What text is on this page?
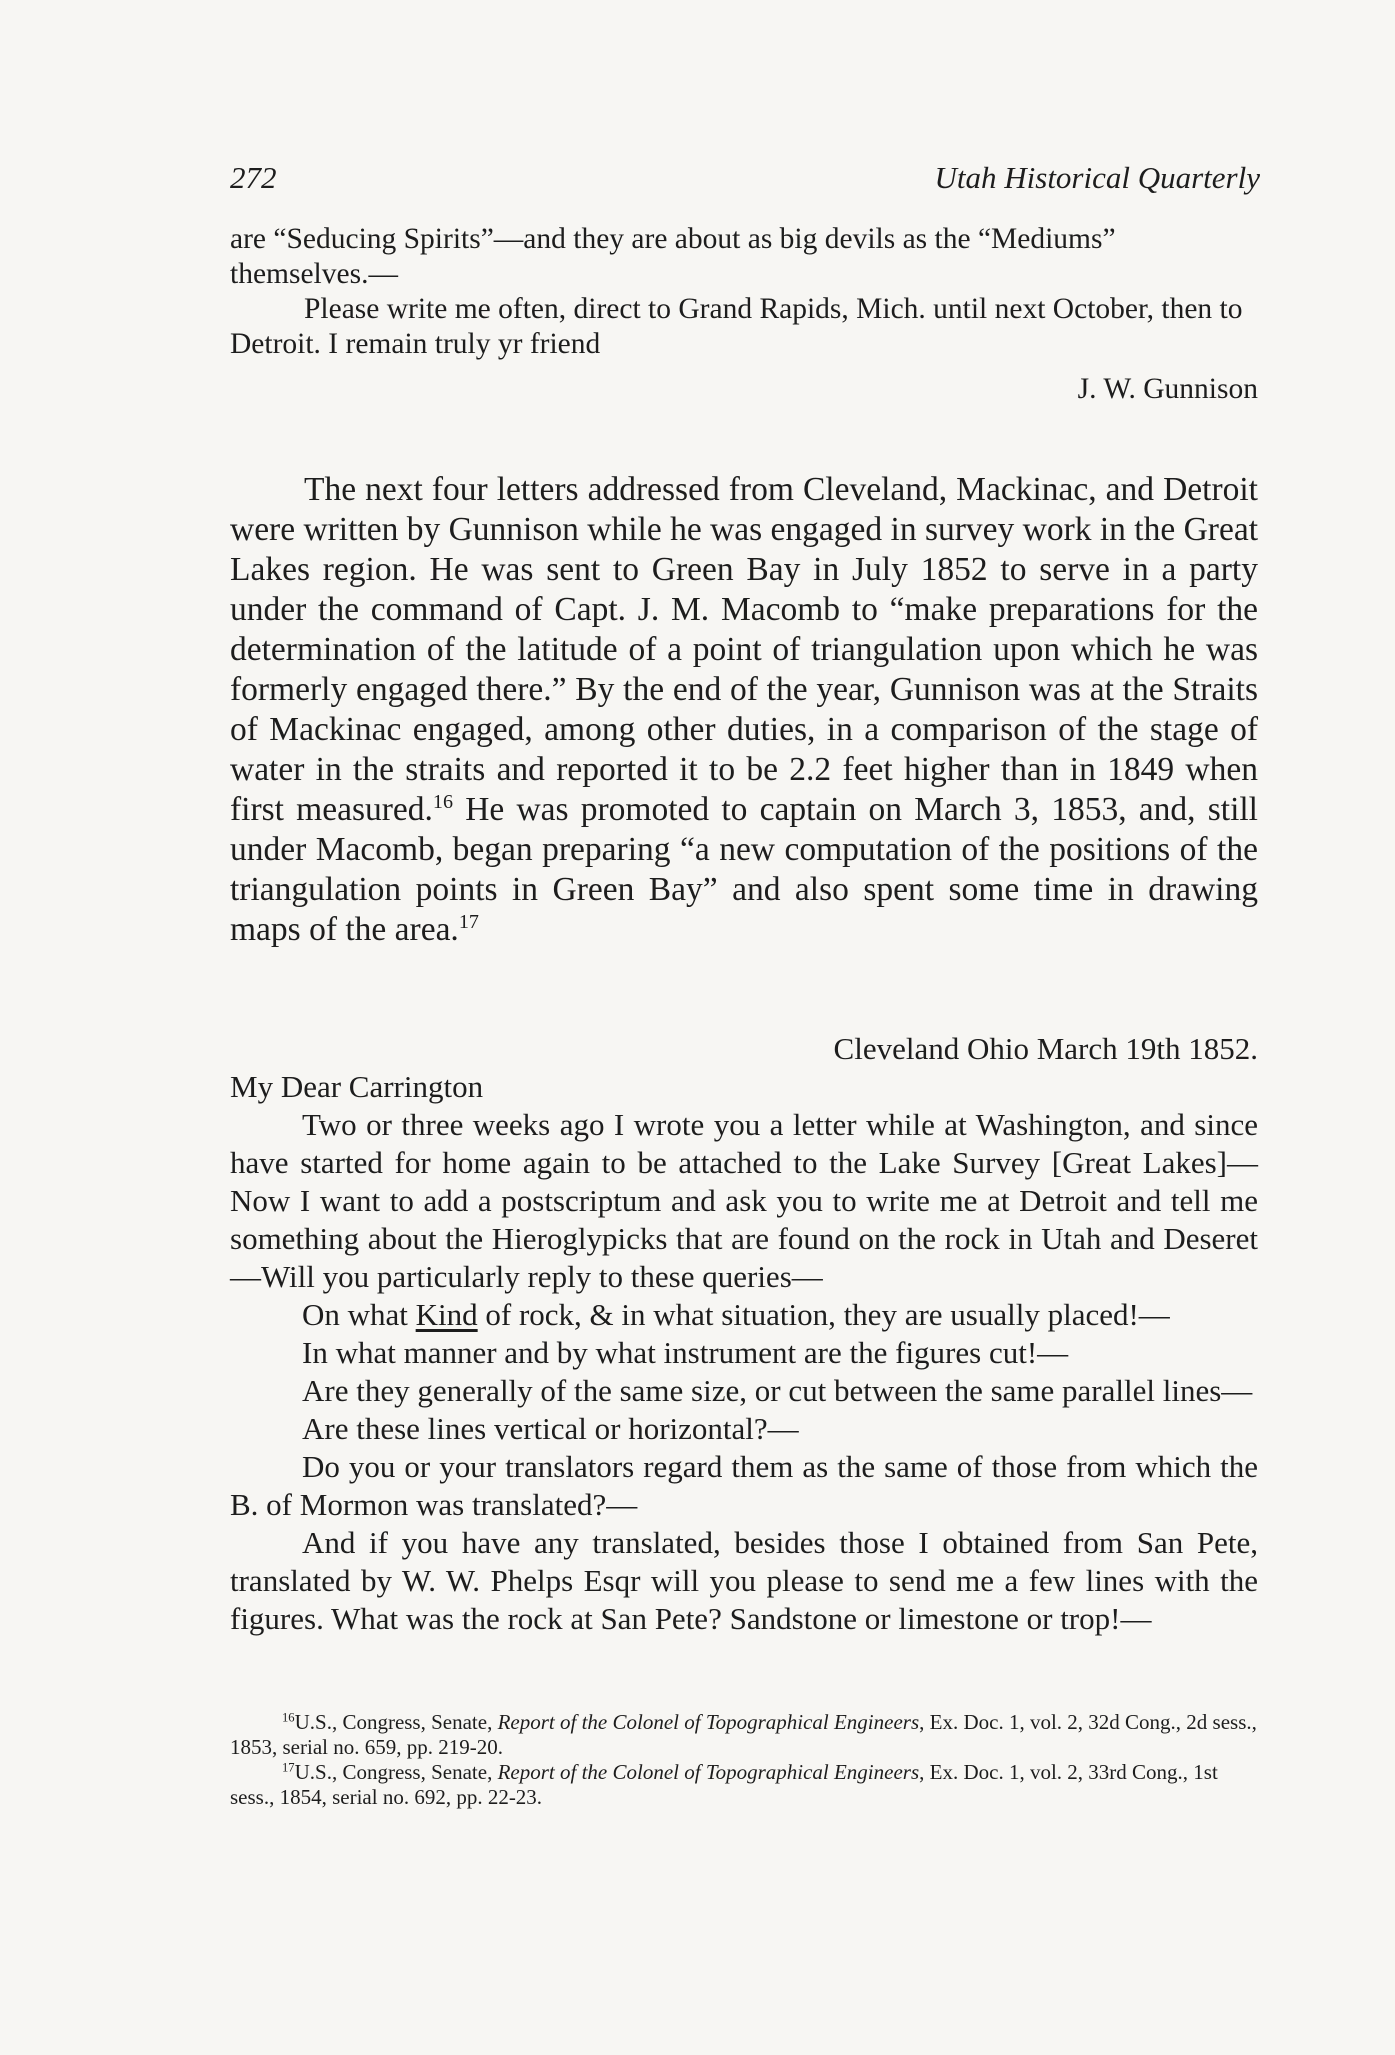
272	Utah Historical Quarterly

are “Seducing Spirits”—and they are about as big devils as the “Mediums” themselves.—

Please write me often, direct to Grand Rapids, Mich. until next October, then to Detroit. I remain truly yr friend

J. W. Gunnison

The next four letters addressed from Cleveland, Mackinac, and Detroit were written by Gunnison while he was engaged in survey work in the Great Lakes region. He was sent to Green Bay in July 1852 to serve in a party under the command of Capt. J. M. Macomb to “make preparations for the determination of the latitude of a point of triangulation upon which he was formerly engaged there.” By the end of the year, Gunnison was at the Straits of Mackinac engaged, among other duties, in a comparison of the stage of water in the straits and reported it to be 2.2 feet higher than in 1849 when first measured.$^{16}$ He was promoted to captain on March 3, 1853, and, still under Macomb, began preparing “a new computation of the positions of the triangulation points in Green Bay” and also spent some time in drawing maps of the area.$^{17}$

Cleveland Ohio March 19th 1852.

My Dear Carrington

Two or three weeks ago I wrote you a letter while at Washington, and since have started for home again to be attached to the Lake Survey [Great Lakes]—Now I want to add a postscriptum and ask you to write me at Detroit and tell me something about the Hieroglypicks that are found on the rock in Utah and Deseret—Will you particularly reply to these queries—

On what Kind of rock, & in what situation, they are usually placed!—

In what manner and by what instrument are the figures cut!—

Are they generally of the same size, or cut between the same parallel lines—

Are these lines vertical or horizontal?—

Do you or your translators regard them as the same of those from which the B. of Mormon was translated?—

And if you have any translated, besides those I obtained from San Pete, translated by W. W. Phelps Esqr will you please to send me a few lines with the figures. What was the rock at San Pete? Sandstone or limestone or trop!—

$^{16}$U.S., Congress, Senate, Report of the Colonel of Topographical Engineers, Ex. Doc. 1, vol. 2, 32d Cong., 2d sess., 1853, serial no. 659, pp. 219-20.

$^{17}$U.S., Congress, Senate, Report of the Colonel of Topographical Engineers, Ex. Doc. 1, vol. 2, 33rd Cong., 1st sess., 1854, serial no. 692, pp. 22-23.
